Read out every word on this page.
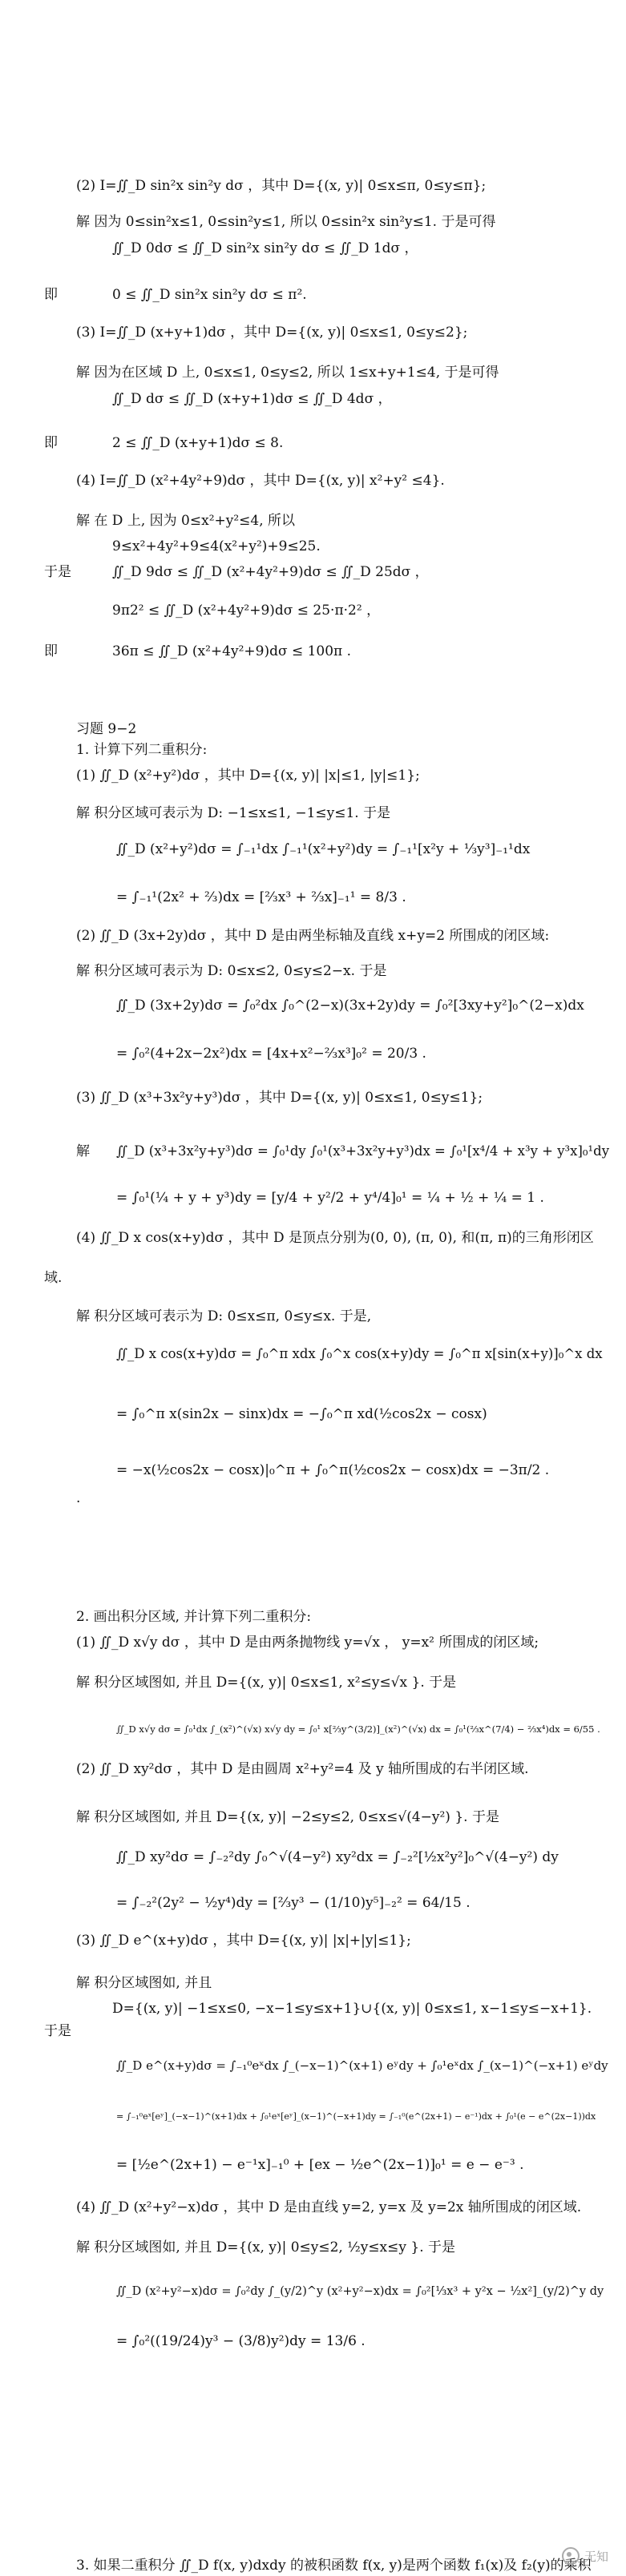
(2) I=∬_D sin²x sin²y dσ ，其中 D={(x, y)| 0≤x≤π, 0≤y≤π};
解 因为 0≤sin²x≤1, 0≤sin²y≤1, 所以 0≤sin²x sin²y≤1. 于是可得
∬_D 0dσ ≤ ∬_D sin²x sin²y dσ ≤ ∬_D 1dσ ，
即	0 ≤ ∬_D sin²x sin²y dσ ≤ π².
(3) I=∬_D (x+y+1)dσ ，其中 D={(x, y)| 0≤x≤1, 0≤y≤2};
解 因为在区域 D 上, 0≤x≤1, 0≤y≤2, 所以 1≤x+y+1≤4, 于是可得
∬_D dσ ≤ ∬_D (x+y+1)dσ ≤ ∬_D 4dσ ，
即	2 ≤ ∬_D (x+y+1)dσ ≤ 8.
(4) I=∬_D (x²+4y²+9)dσ ，其中 D={(x, y)| x²+y² ≤4}.
解 在 D 上, 因为 0≤x²+y²≤4, 所以
9≤x²+4y²+9≤4(x²+y²)+9≤25.
于是	∬_D 9dσ ≤ ∬_D (x²+4y²+9)dσ ≤ ∬_D 25dσ ，
9π2² ≤ ∬_D (x²+4y²+9)dσ ≤ 25·π·2² ，
即	36π ≤ ∬_D (x²+4y²+9)dσ ≤ 100π .
习题 9−2
1. 计算下列二重积分:
(1) ∬_D (x²+y²)dσ ，其中 D={(x, y)| |x|≤1, |y|≤1};
解 积分区域可表示为 D: −1≤x≤1, −1≤y≤1. 于是
∬_D (x²+y²)dσ = ∫₋₁¹dx ∫₋₁¹(x²+y²)dy = ∫₋₁¹[x²y + ⅓y³]₋₁¹dx
= ∫₋₁¹(2x² + ⅔)dx = [⅔x³ + ⅔x]₋₁¹ = 8/3 .
(2) ∬_D (3x+2y)dσ ，其中 D 是由两坐标轴及直线 x+y=2 所围成的闭区域:
解 积分区域可表示为 D: 0≤x≤2, 0≤y≤2−x. 于是
∬_D (3x+2y)dσ = ∫₀²dx ∫₀^(2−x)(3x+2y)dy = ∫₀²[3xy+y²]₀^(2−x)dx
= ∫₀²(4+2x−2x²)dx = [4x+x²−⅔x³]₀² = 20/3 .
(3) ∬_D (x³+3x²y+y³)dσ ，其中 D={(x, y)| 0≤x≤1, 0≤y≤1};
解 ∬_D (x³+3x²y+y³)dσ = ∫₀¹dy ∫₀¹(x³+3x²y+y³)dx = ∫₀¹[x⁴/4 + x³y + y³x]₀¹dy
= ∫₀¹(¼ + y + y³)dy = [y/4 + y²/2 + y⁴/4]₀¹ = ¼ + ½ + ¼ = 1 .
(4) ∬_D x cos(x+y)dσ ，其中 D 是顶点分别为(0, 0), (π, 0), 和(π, π)的三角形闭区
域.
解 积分区域可表示为 D: 0≤x≤π, 0≤y≤x. 于是,
∬_D x cos(x+y)dσ = ∫₀^π xdx ∫₀^x cos(x+y)dy = ∫₀^π x[sin(x+y)]₀^x dx
= ∫₀^π x(sin2x − sinx)dx = −∫₀^π xd(½cos2x − cosx)
= −x(½cos2x − cosx)|₀^π + ∫₀^π(½cos2x − cosx)dx = −3π/2 .
.
2. 画出积分区域, 并计算下列二重积分:
(1) ∬_D x√y dσ ，其中 D 是由两条抛物线 y=√x ， y=x² 所围成的闭区域;
解 积分区域图如, 并且 D={(x, y)| 0≤x≤1, x²≤y≤√x }. 于是
∬_D x√y dσ = ∫₀¹dx ∫_(x²)^(√x) x√y dy = ∫₀¹ x[⅔y^(3/2)]_(x²)^(√x) dx = ∫₀¹(⅔x^(7/4) − ⅔x⁴)dx = 6/55 .
(2) ∬_D xy²dσ ，其中 D 是由圆周 x²+y²=4 及 y 轴所围成的右半闭区域.
解 积分区域图如, 并且 D={(x, y)| −2≤y≤2, 0≤x≤√(4−y²) }. 于是
∬_D xy²dσ = ∫₋₂²dy ∫₀^√(4−y²) xy²dx = ∫₋₂²[½x²y²]₀^√(4−y²) dy
= ∫₋₂²(2y² − ½y⁴)dy = [⅔y³ − (1/10)y⁵]₋₂² = 64/15 .
(3) ∬_D e^(x+y)dσ ，其中 D={(x, y)| |x|+|y|≤1};
解 积分区域图如, 并且
D={(x, y)| −1≤x≤0, −x−1≤y≤x+1}∪{(x, y)| 0≤x≤1, x−1≤y≤−x+1}.
于是
∬_D e^(x+y)dσ = ∫₋₁⁰eˣdx ∫_(−x−1)^(x+1) eʸdy + ∫₀¹eˣdx ∫_(x−1)^(−x+1) eʸdy
= ∫₋₁⁰eˣ[eʸ]_(−x−1)^(x+1)dx + ∫₀¹eˣ[eʸ]_(x−1)^(−x+1)dy = ∫₋₁⁰(e^(2x+1) − e⁻¹)dx + ∫₀¹(e − e^(2x−1))dx
= [½e^(2x+1) − e⁻¹x]₋₁⁰ + [ex − ½e^(2x−1)]₀¹ = e − e⁻³ .
(4) ∬_D (x²+y²−x)dσ ，其中 D 是由直线 y=2, y=x 及 y=2x 轴所围成的闭区域.
解 积分区域图如, 并且 D={(x, y)| 0≤y≤2, ½y≤x≤y }. 于是
∬_D (x²+y²−x)dσ = ∫₀²dy ∫_(y/2)^y (x²+y²−x)dx = ∫₀²[⅓x³ + y²x − ½x²]_(y/2)^y dy
= ∫₀²((19/24)y³ − (3/8)y²)dy = 13/6 .
3. 如果二重积分 ∬_D f(x, y)dxdy 的被积函数 f(x, y)是两个函数 f₁(x)及 f₂(y)的乘积
无知
